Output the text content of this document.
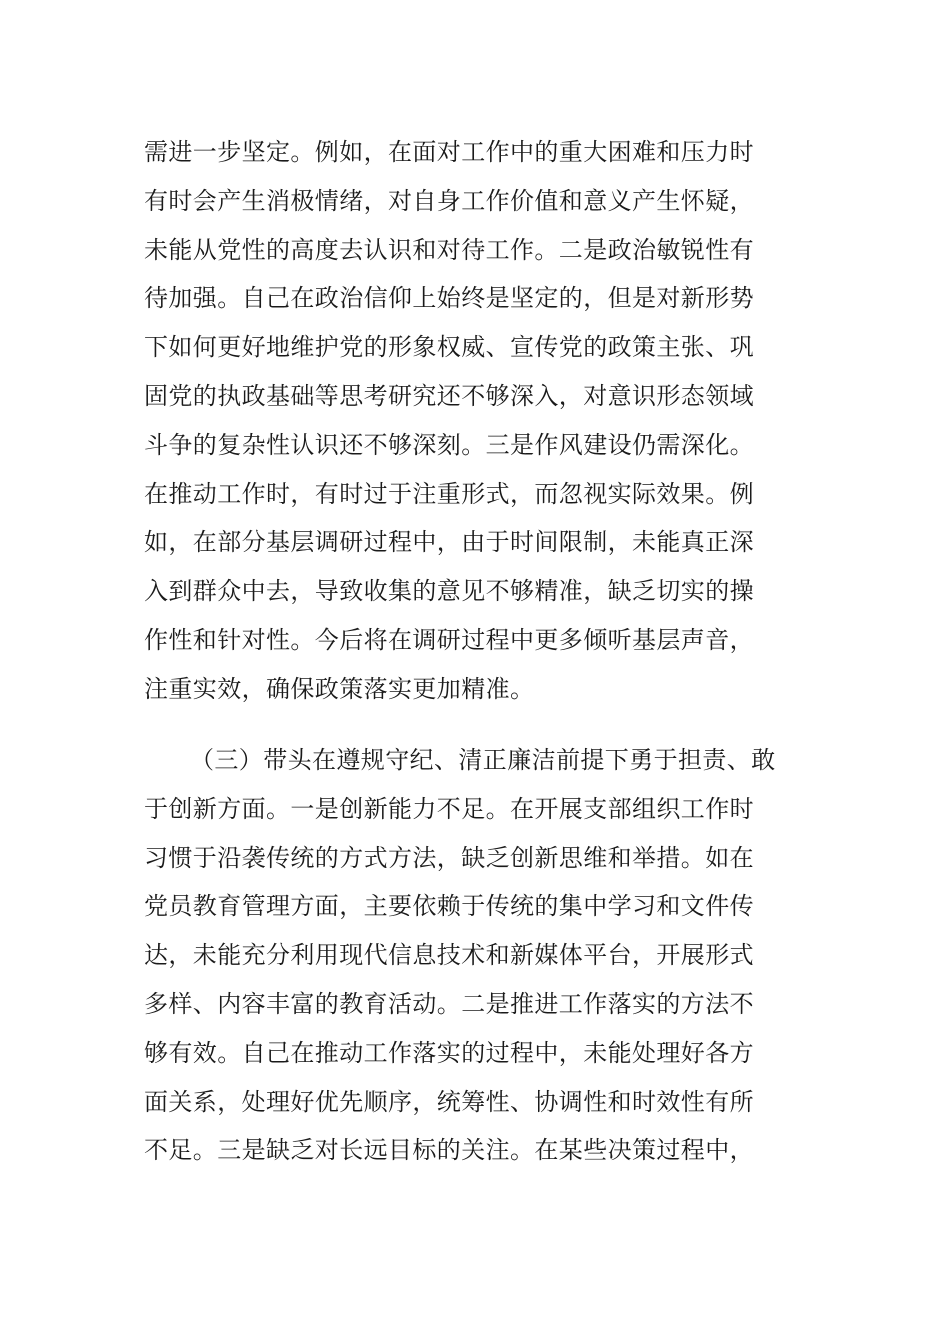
需进一步坚定。例如，在面对工作中的重大困难和压力时
有时会产生消极情绪，对自身工作价值和意义产生怀疑，
未能从党性的高度去认识和对待工作。二是政治敏锐性有
待加强。自己在政治信仰上始终是坚定的，但是对新形势
下如何更好地维护党的形象权威、宣传党的政策主张、巩
固党的执政基础等思考研究还不够深入，对意识形态领域
斗争的复杂性认识还不够深刻。三是作风建设仍需深化。
在推动工作时，有时过于注重形式，而忽视实际效果。例
如，在部分基层调研过程中，由于时间限制，未能真正深
入到群众中去，导致收集的意见不够精准，缺乏切实的操
作性和针对性。今后将在调研过程中更多倾听基层声音，
注重实效，确保政策落实更加精准。
（三）带头在遵规守纪、清正廉洁前提下勇于担责、敢
于创新方面。一是创新能力不足。在开展支部组织工作时
习惯于沿袭传统的方式方法，缺乏创新思维和举措。如在
党员教育管理方面，主要依赖于传统的集中学习和文件传
达，未能充分利用现代信息技术和新媒体平台，开展形式
多样、内容丰富的教育活动。二是推进工作落实的方法不
够有效。自己在推动工作落实的过程中，未能处理好各方
面关系，处理好优先顺序，统筹性、协调性和时效性有所
不足。三是缺乏对长远目标的关注。在某些决策过程中，
